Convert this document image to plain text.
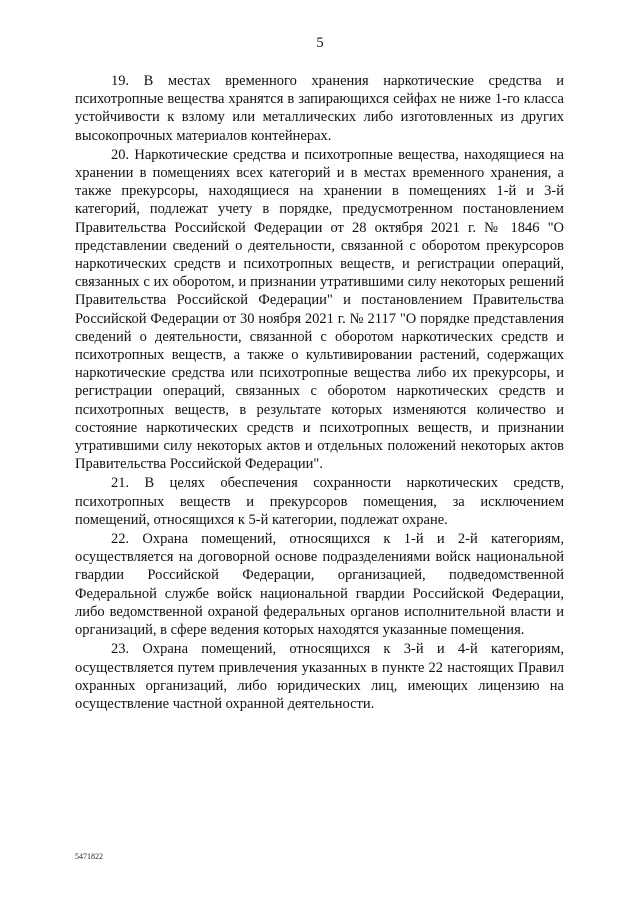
5

19. В местах временного хранения наркотические средства и психотропные вещества хранятся в запирающихся сейфах не ниже 1-го класса устойчивости к взлому или металлических либо изготовленных из других высокопрочных материалов контейнерах.

20. Наркотические средства и психотропные вещества, находящиеся на хранении в помещениях всех категорий и в местах временного хранения, а также прекурсоры, находящиеся на хранении в помещениях 1-й и 3-й категорий, подлежат учету в порядке, предусмотренном постановлением Правительства Российской Федерации от 28 октября 2021 г. № 1846 "О представлении сведений о деятельности, связанной с оборотом прекурсоров наркотических средств и психотропных веществ, и регистрации операций, связанных с их оборотом, и признании утратившими силу некоторых решений Правительства Российской Федерации" и постановлением Правительства Российской Федерации от 30 ноября 2021 г. № 2117 "О порядке представления сведений о деятельности, связанной с оборотом наркотических средств и психотропных веществ, а также о культивировании растений, содержащих наркотические средства или психотропные вещества либо их прекурсоры, и регистрации операций, связанных с оборотом наркотических средств и психотропных веществ, в результате которых изменяются количество и состояние наркотических средств и психотропных веществ, и признании утратившими силу некоторых актов и отдельных положений некоторых актов Правительства Российской Федерации".

21. В целях обеспечения сохранности наркотических средств, психотропных веществ и прекурсоров помещения, за исключением помещений, относящихся к 5-й категории, подлежат охране.

22. Охрана помещений, относящихся к 1-й и 2-й категориям, осуществляется на договорной основе подразделениями войск национальной гвардии Российской Федерации, организацией, подведомственной Федеральной службе войск национальной гвардии Российской Федерации, либо ведомственной охраной федеральных органов исполнительной власти и организаций, в сфере ведения которых находятся указанные помещения.

23. Охрана помещений, относящихся к 3-й и 4-й категориям, осуществляется путем привлечения указанных в пункте 22 настоящих Правил охранных организаций, либо юридических лиц, имеющих лицензию на осуществление частной охранной деятельности.

5471822
